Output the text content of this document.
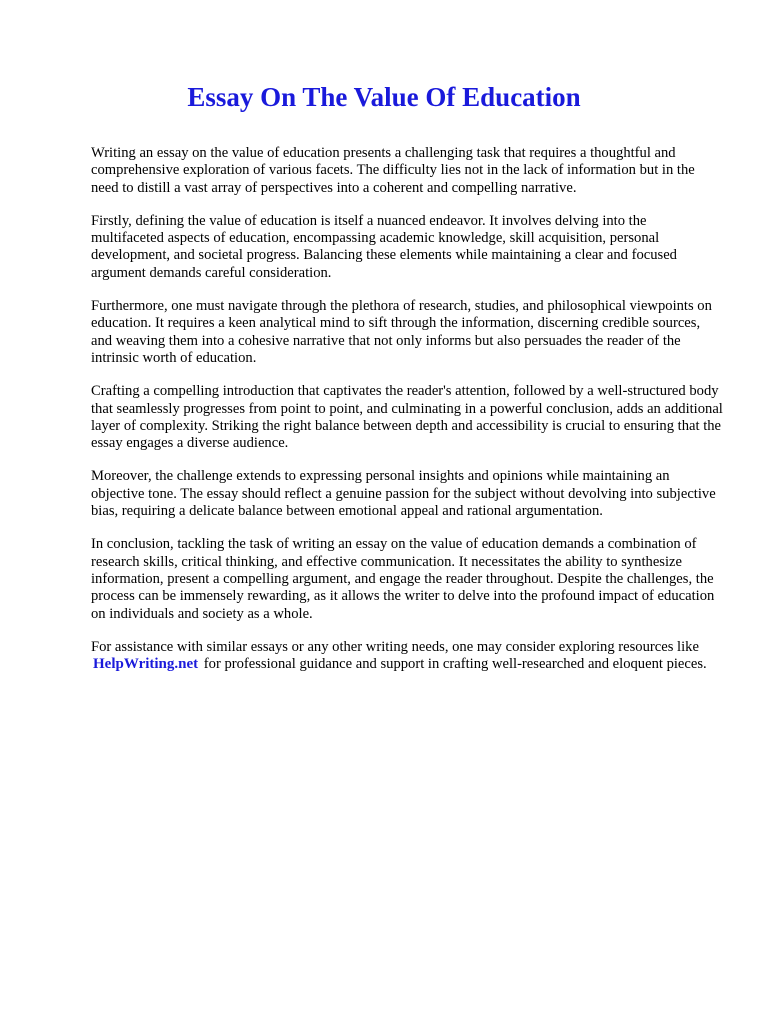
Essay On The Value Of Education

Writing an essay on the value of education presents a challenging task that requires a thoughtful and comprehensive exploration of various facets. The difficulty lies not in the lack of information but in the need to distill a vast array of perspectives into a coherent and compelling narrative.

Firstly, defining the value of education is itself a nuanced endeavor. It involves delving into the multifaceted aspects of education, encompassing academic knowledge, skill acquisition, personal development, and societal progress. Balancing these elements while maintaining a clear and focused argument demands careful consideration.

Furthermore, one must navigate through the plethora of research, studies, and philosophical viewpoints on education. It requires a keen analytical mind to sift through the information, discerning credible sources, and weaving them into a cohesive narrative that not only informs but also persuades the reader of the intrinsic worth of education.

Crafting a compelling introduction that captivates the reader's attention, followed by a well-structured body that seamlessly progresses from point to point, and culminating in a powerful conclusion, adds an additional layer of complexity. Striking the right balance between depth and accessibility is crucial to ensuring that the essay engages a diverse audience.

Moreover, the challenge extends to expressing personal insights and opinions while maintaining an objective tone. The essay should reflect a genuine passion for the subject without devolving into subjective bias, requiring a delicate balance between emotional appeal and rational argumentation.

In conclusion, tackling the task of writing an essay on the value of education demands a combination of research skills, critical thinking, and effective communication. It necessitates the ability to synthesize information, present a compelling argument, and engage the reader throughout. Despite the challenges, the process can be immensely rewarding, as it allows the writer to delve into the profound impact of education on individuals and society as a whole.

For assistance with similar essays or any other writing needs, one may consider exploring resources like HelpWriting.net for professional guidance and support in crafting well-researched and eloquent pieces.
